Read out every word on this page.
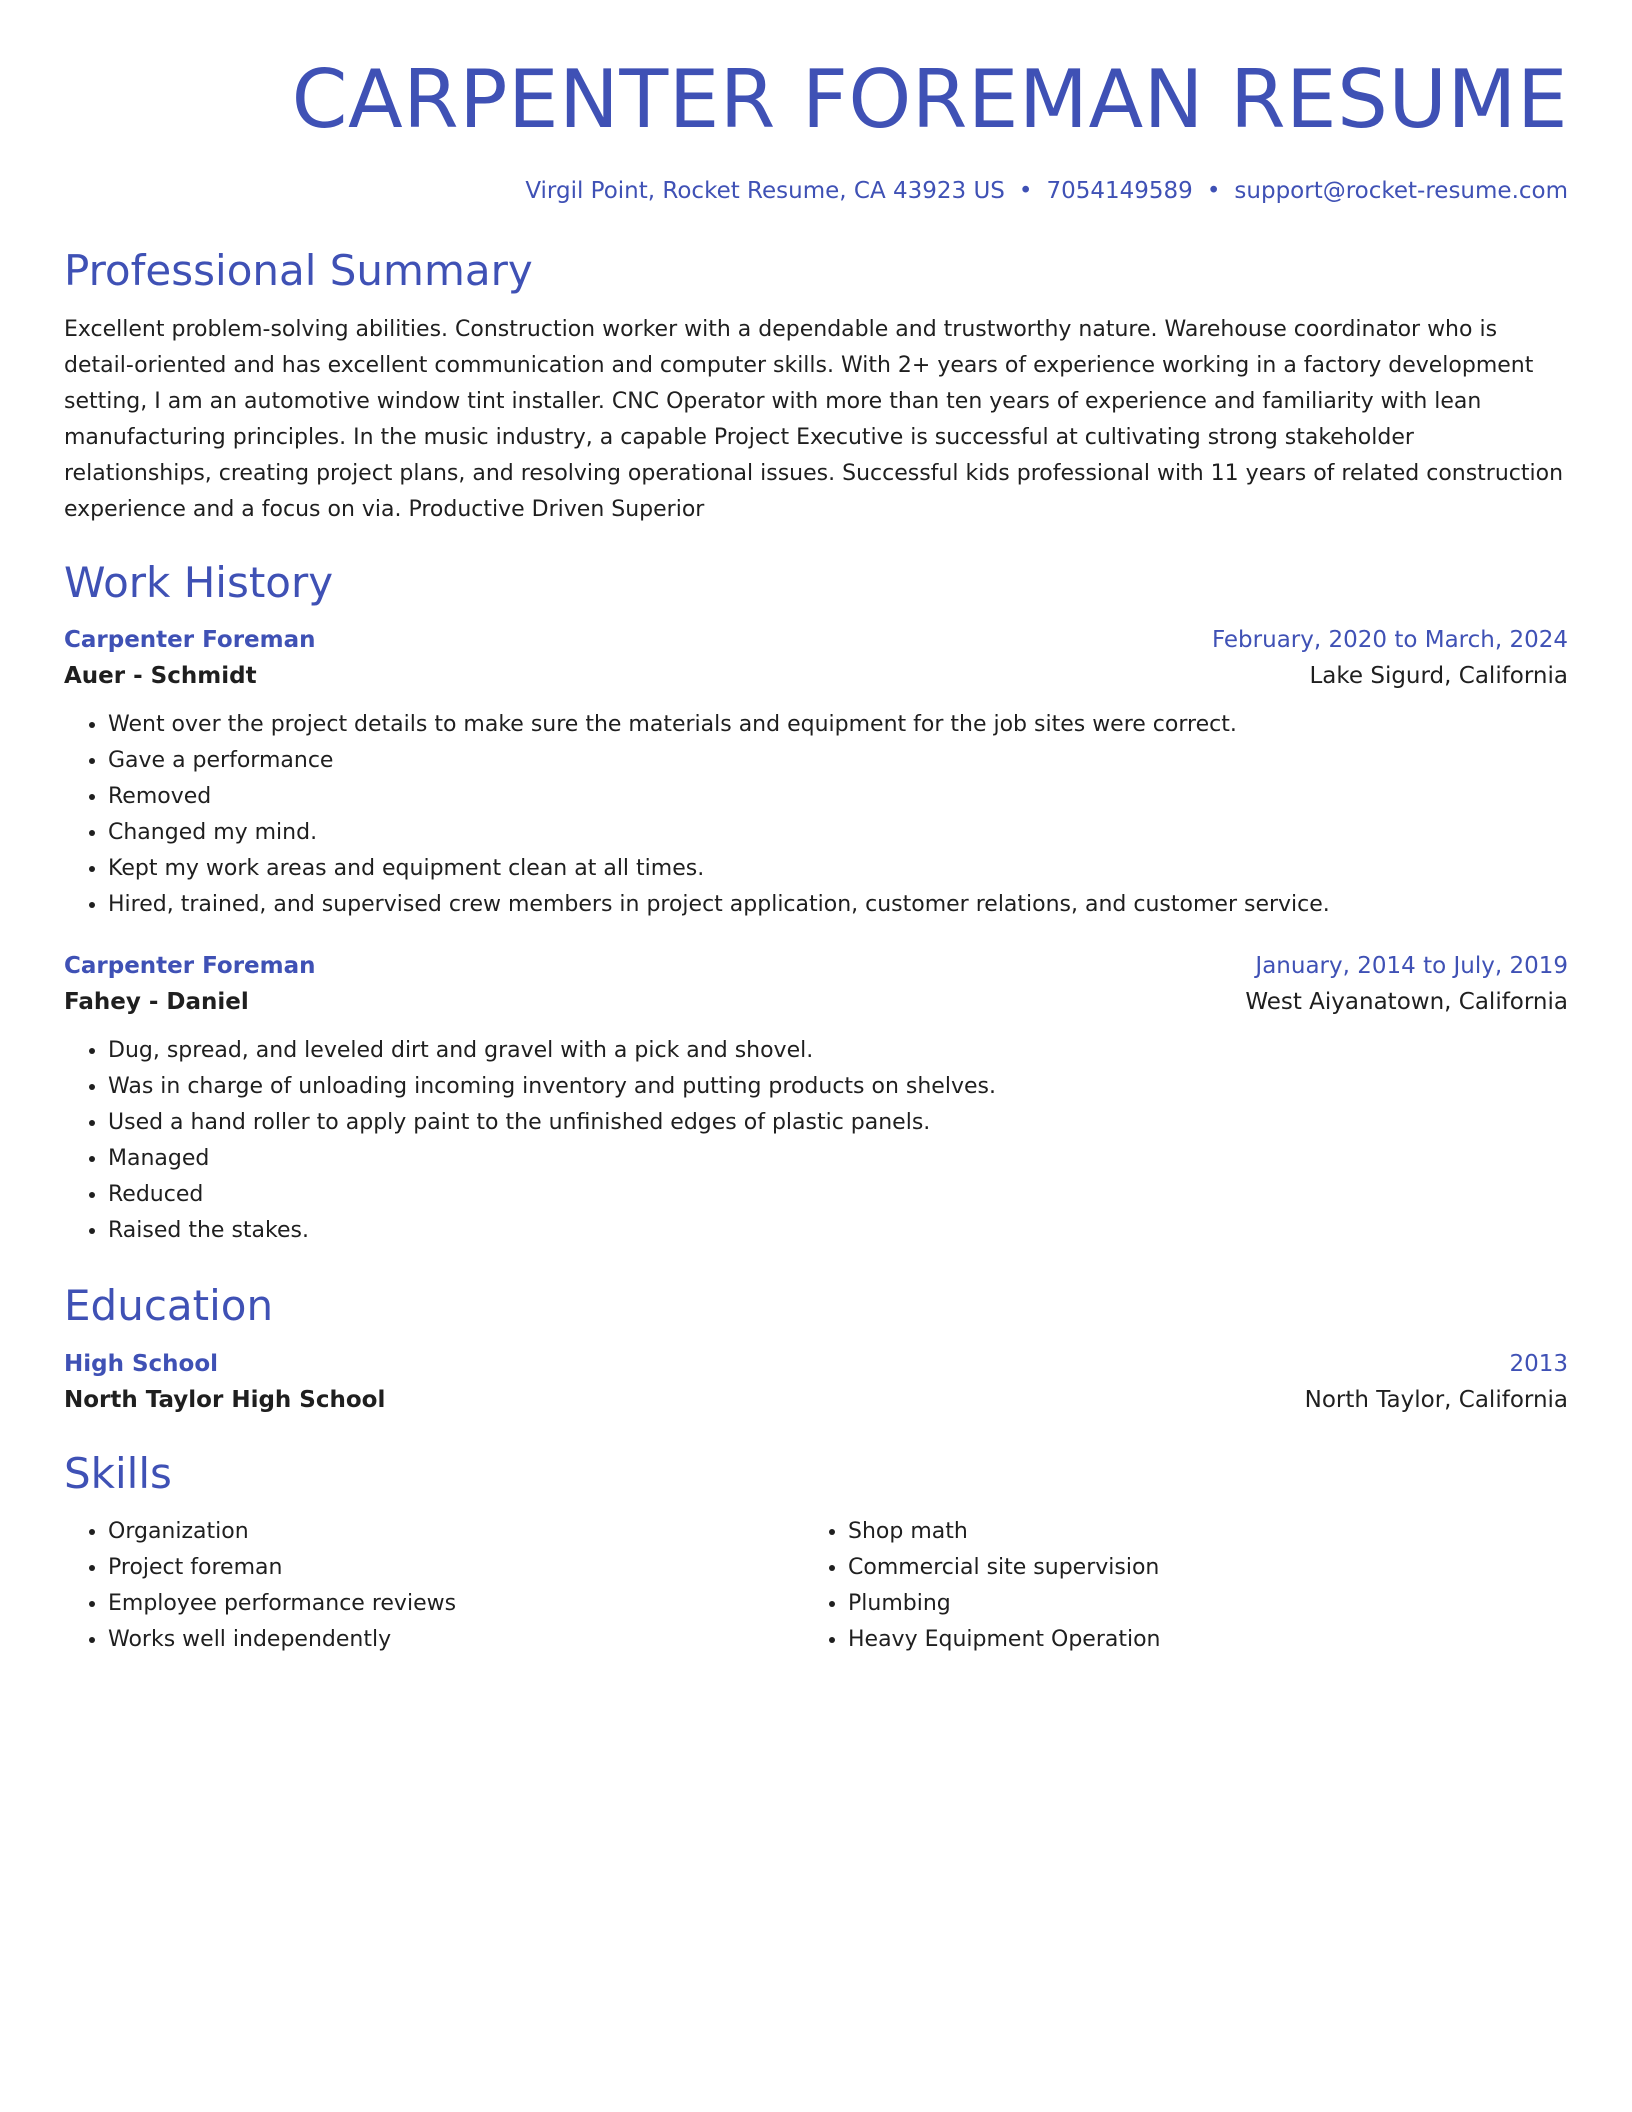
CARPENTER FOREMAN RESUME
Virgil Point, Rocket Resume, CA 43923 US • 7054149589 • support@rocket-resume.com
Professional Summary

Excellent problem-solving abilities. Construction worker with a dependable and trustworthy nature. Warehouse coordinator who is detail-oriented and has excellent communication and computer skills. With 2+ years of experience working in a factory development setting, I am an automotive window tint installer. CNC Operator with more than ten years of experience and familiarity with lean manufacturing principles. In the music industry, a capable Project Executive is successful at cultivating strong stakeholder relationships, creating project plans, and resolving operational issues. Successful kids professional with 11 years of related construction experience and a focus on via. Productive Driven Superior

Work History
Carpenter Foreman	February, 2020 to March, 2024
Auer - Schmidt	Lake Sigurd, California
• Went over the project details to make sure the materials and equipment for the job sites were correct.
• Gave a performance
• Removed
• Changed my mind.
• Kept my work areas and equipment clean at all times.
• Hired, trained, and supervised crew members in project application, customer relations, and customer service.
Carpenter Foreman	January, 2014 to July, 2019
Fahey - Daniel	West Aiyanatown, California
• Dug, spread, and leveled dirt and gravel with a pick and shovel.
• Was in charge of unloading incoming inventory and putting products on shelves.
• Used a hand roller to apply paint to the unfinished edges of plastic panels.
• Managed
• Reduced
• Raised the stakes.
Education
High School	2013
North Taylor High School	North Taylor, California
Skills
• Organization
• Project foreman
• Employee performance reviews
• Works well independently
• Shop math
• Commercial site supervision
• Plumbing
• Heavy Equipment Operation
